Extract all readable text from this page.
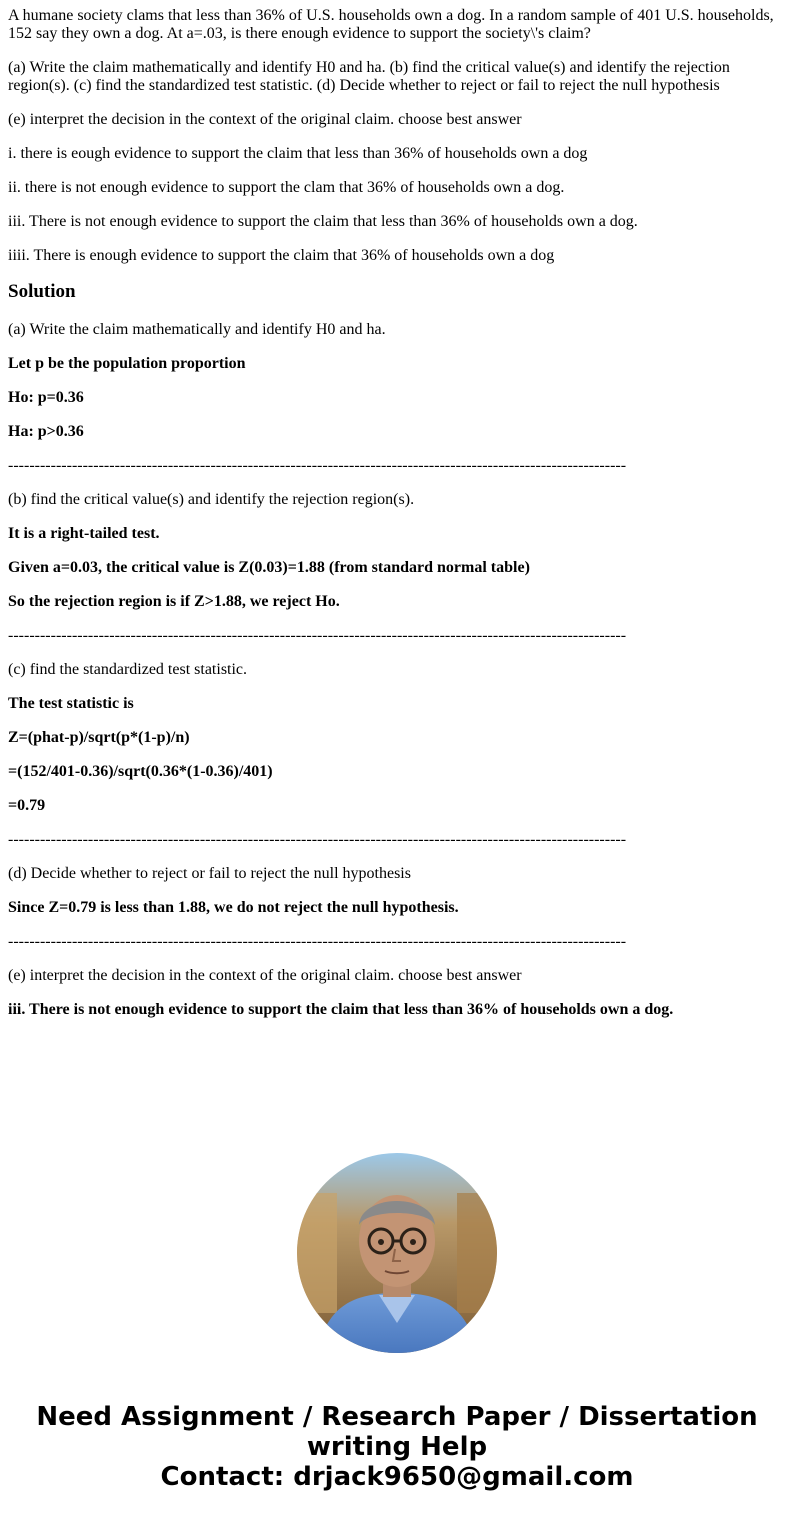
A humane society clams that less than 36% of U.S. households own a dog. In a random sample of 401 U.S. households, 152 say they own a dog. At a=.03, is there enough evidence to support the society\'s claim?

(a) Write the claim mathematically and identify H0 and ha. (b) find the critical value(s) and identify the rejection region(s). (c) find the standardized test statistic. (d) Decide whether to reject or fail to reject the null hypothesis

(e) interpret the decision in the context of the original claim. choose best answer

i. there is eough evidence to support the claim that less than 36% of households own a dog

ii. there is not enough evidence to support the clam that 36% of households own a dog.

iii. There is not enough evidence to support the claim that less than 36% of households own a dog.

iiii. There is enough evidence to support the claim that 36% of households own a dog

Solution

(a) Write the claim mathematically and identify H0 and ha.

Let p be the population proportion

Ho: p=0.36

Ha: p>0.36

--------------------------------------------------------------------------------------------------------------------

(b) find the critical value(s) and identify the rejection region(s).

It is a right-tailed test.

Given a=0.03, the critical value is Z(0.03)=1.88 (from standard normal table)

So the rejection region is if Z>1.88, we reject Ho.

--------------------------------------------------------------------------------------------------------------------

(c) find the standardized test statistic.

The test statistic is

Z=(phat-p)/sqrt(p*(1-p)/n)

=(152/401-0.36)/sqrt(0.36*(1-0.36)/401)

=0.79

--------------------------------------------------------------------------------------------------------------------

(d) Decide whether to reject or fail to reject the null hypothesis

Since Z=0.79 is less than 1.88, we do not reject the null hypothesis.

--------------------------------------------------------------------------------------------------------------------

(e) interpret the decision in the context of the original claim. choose best answer

iii. There is not enough evidence to support the claim that less than 36% of households own a dog.

Need Assignment / Research Paper / Dissertation
writing Help
Contact: drjack9650@gmail.com
